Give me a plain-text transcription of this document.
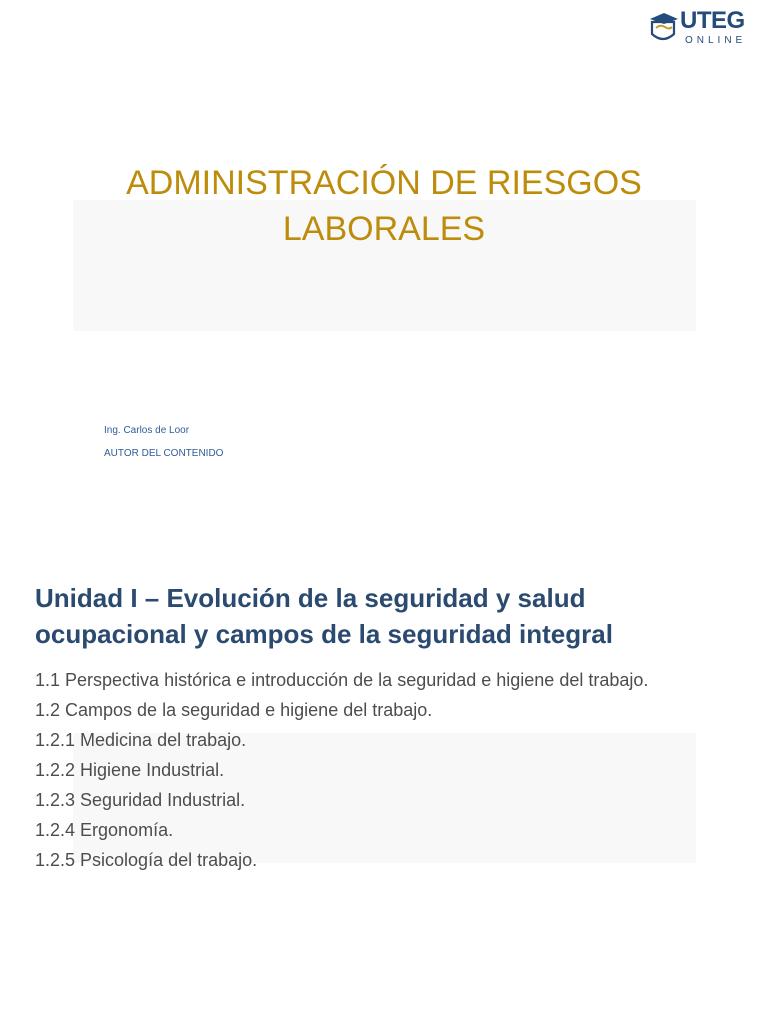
UTEG
ONLINE
ADMINISTRACIÓN DE RIESGOS LABORALES
Ing. Carlos de Loor
AUTOR DEL CONTENIDO
Unidad I – Evolución de la seguridad y salud ocupacional y campos de la seguridad integral
1.1 Perspectiva histórica e introducción de la seguridad e higiene del trabajo.
1.2 Campos de la seguridad e higiene del trabajo.
1.2.1 Medicina del trabajo.
1.2.2 Higiene Industrial.
1.2.3 Seguridad Industrial.
1.2.4 Ergonomía.
1.2.5 Psicología del trabajo.
